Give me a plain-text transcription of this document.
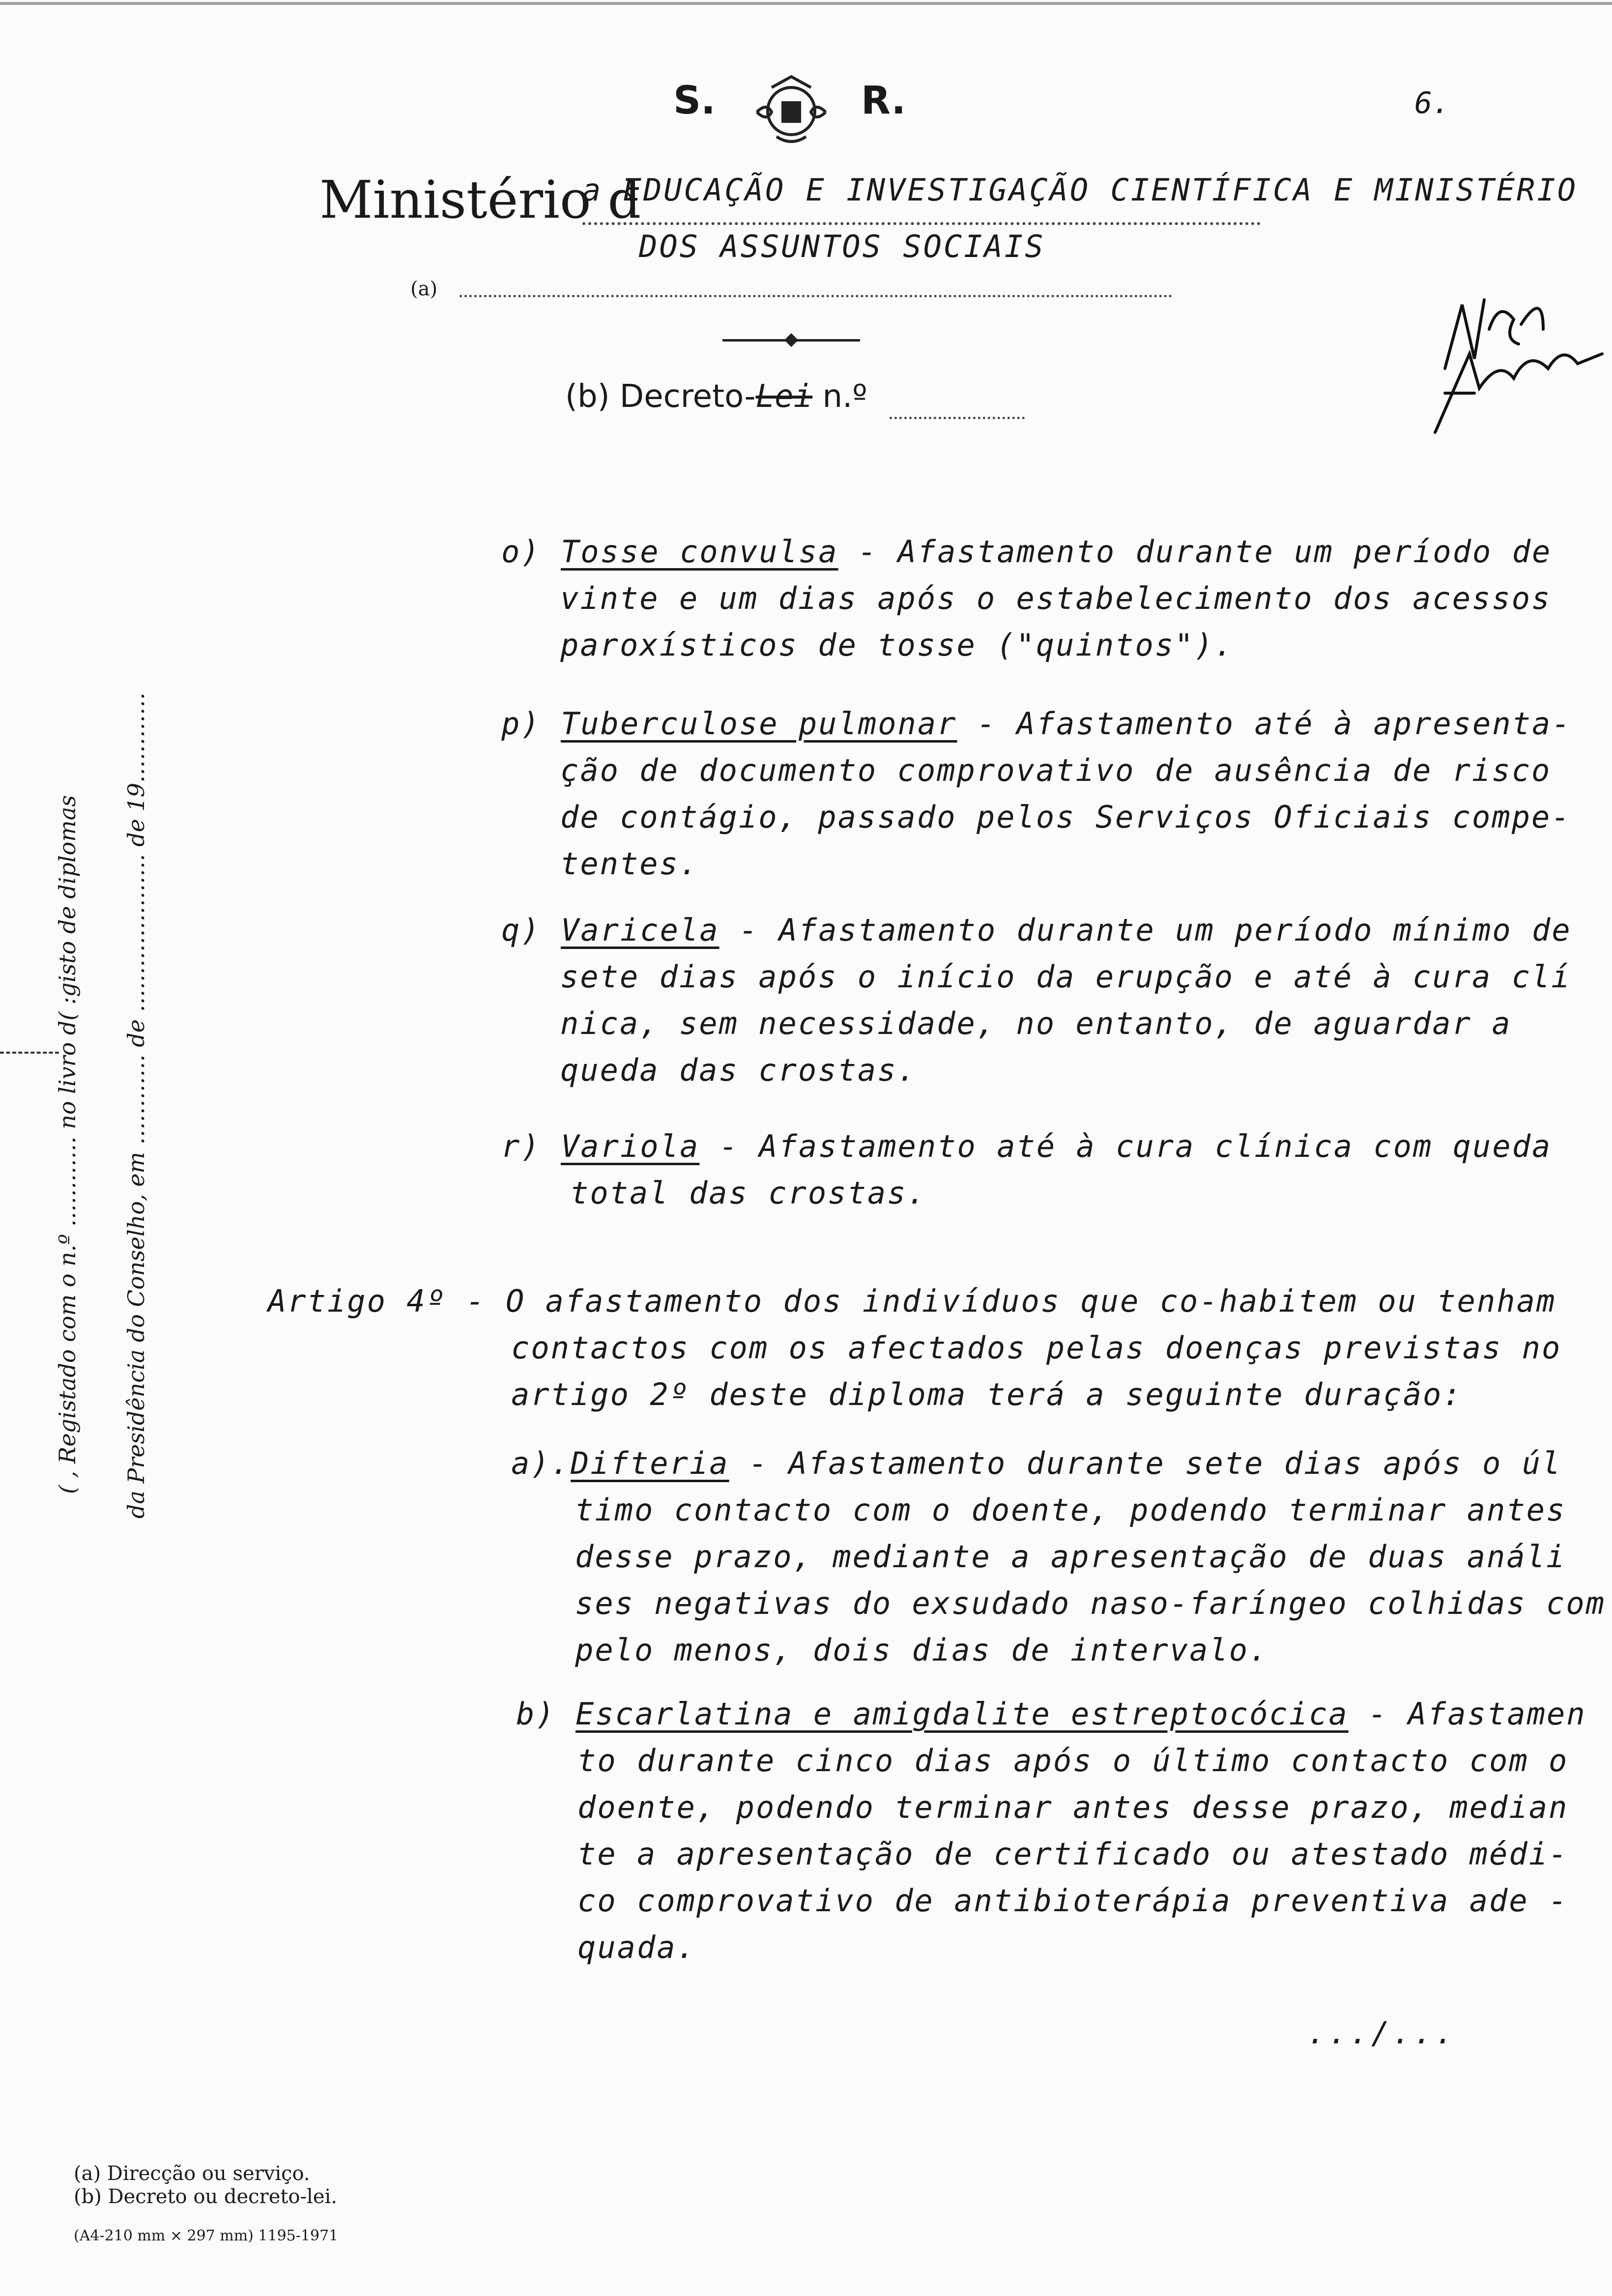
S.	R.	6.
Ministério d
a EDUCAÇÃO E INVESTIGAÇÃO CIENTÍFICA E MINISTÉRIO
DOS ASSUNTOS SOCIAIS
(a)
(b) Decreto-Lei n.º
( , Registado com o n.º ………… no livro d( :gisto de diplomas da Presidência do Conselho, em ………… de ………………… de 19…………
o) Tosse convulsa - Afastamento durante um período de
vinte e um dias após o estabelecimento dos acessos
paroxísticos de tosse ("quintos").
p) Tuberculose pulmonar - Afastamento até à apresenta-
ção de documento comprovativo de ausência de risco
de contágio, passado pelos Serviços Oficiais compe-
tentes.
q) Varicela - Afastamento durante um período mínimo de
sete dias após o início da erupção e até à cura clí
nica, sem necessidade, no entanto, de aguardar a
queda das crostas.
r) Variola - Afastamento até à cura clínica com queda
total das crostas.
Artigo 4º - O afastamento dos indivíduos que co-habitem ou tenham
contactos com os afectados pelas doenças previstas no
artigo 2º deste diploma terá a seguinte duração:
a).Difteria - Afastamento durante sete dias após o úl
timo contacto com o doente, podendo terminar antes
desse prazo, mediante a apresentação de duas análi
ses negativas do exsudado naso-faríngeo colhidas com
pelo menos, dois dias de intervalo.
b) Escarlatina e amigdalite estreptocócica - Afastamen
to durante cinco dias após o último contacto com o
doente, podendo terminar antes desse prazo, median
te a apresentação de certificado ou atestado médi-
co comprovativo de antibioterápia preventiva ade -
quada.
.../...
(a) Direcção ou serviço.
(b) Decreto ou decreto-lei.
(A4-210 mm × 297 mm) 1195-1971
